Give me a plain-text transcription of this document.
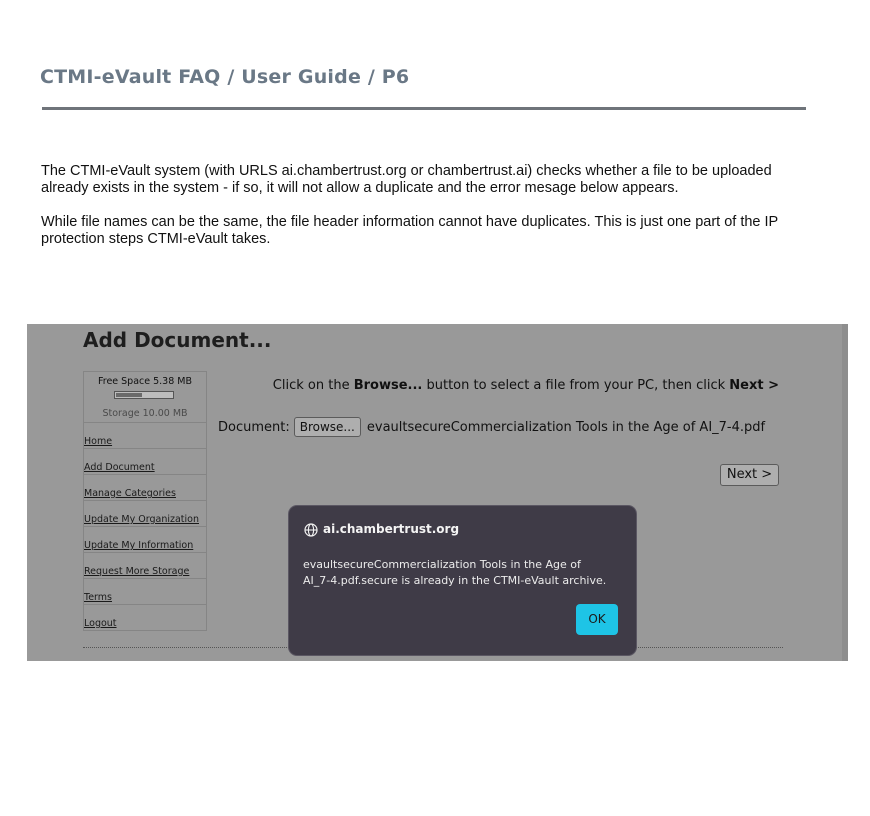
CTMI-eVault FAQ / User Guide / P6
The CTMI-eVault system (with URLS ai.chambertrust.org or chambertrust.ai) checks whether a file to be uploaded already exists in the system - if so, it will not allow a duplicate and the error mesage below appears.
While file names can be the same, the file header information cannot have duplicates. This is just one part of the IP protection steps CTMI-eVault takes.
Add Document...
Free Space 5.38 MB
Storage 10.00 MB
Home
Add Document
Manage Categories
Update My Organization
Update My Information
Request More Storage
Terms
Logout
Click on the Browse... button to select a file from your PC, then click Next >
Document: Browse... evaultsecureCommercialization Tools in the Age of AI_7-4.pdf
Next >
ai.chambertrust.org
evaultsecureCommercialization Tools in the Age of
AI_7-4.pdf.secure is already in the CTMI-eVault archive.
OK
